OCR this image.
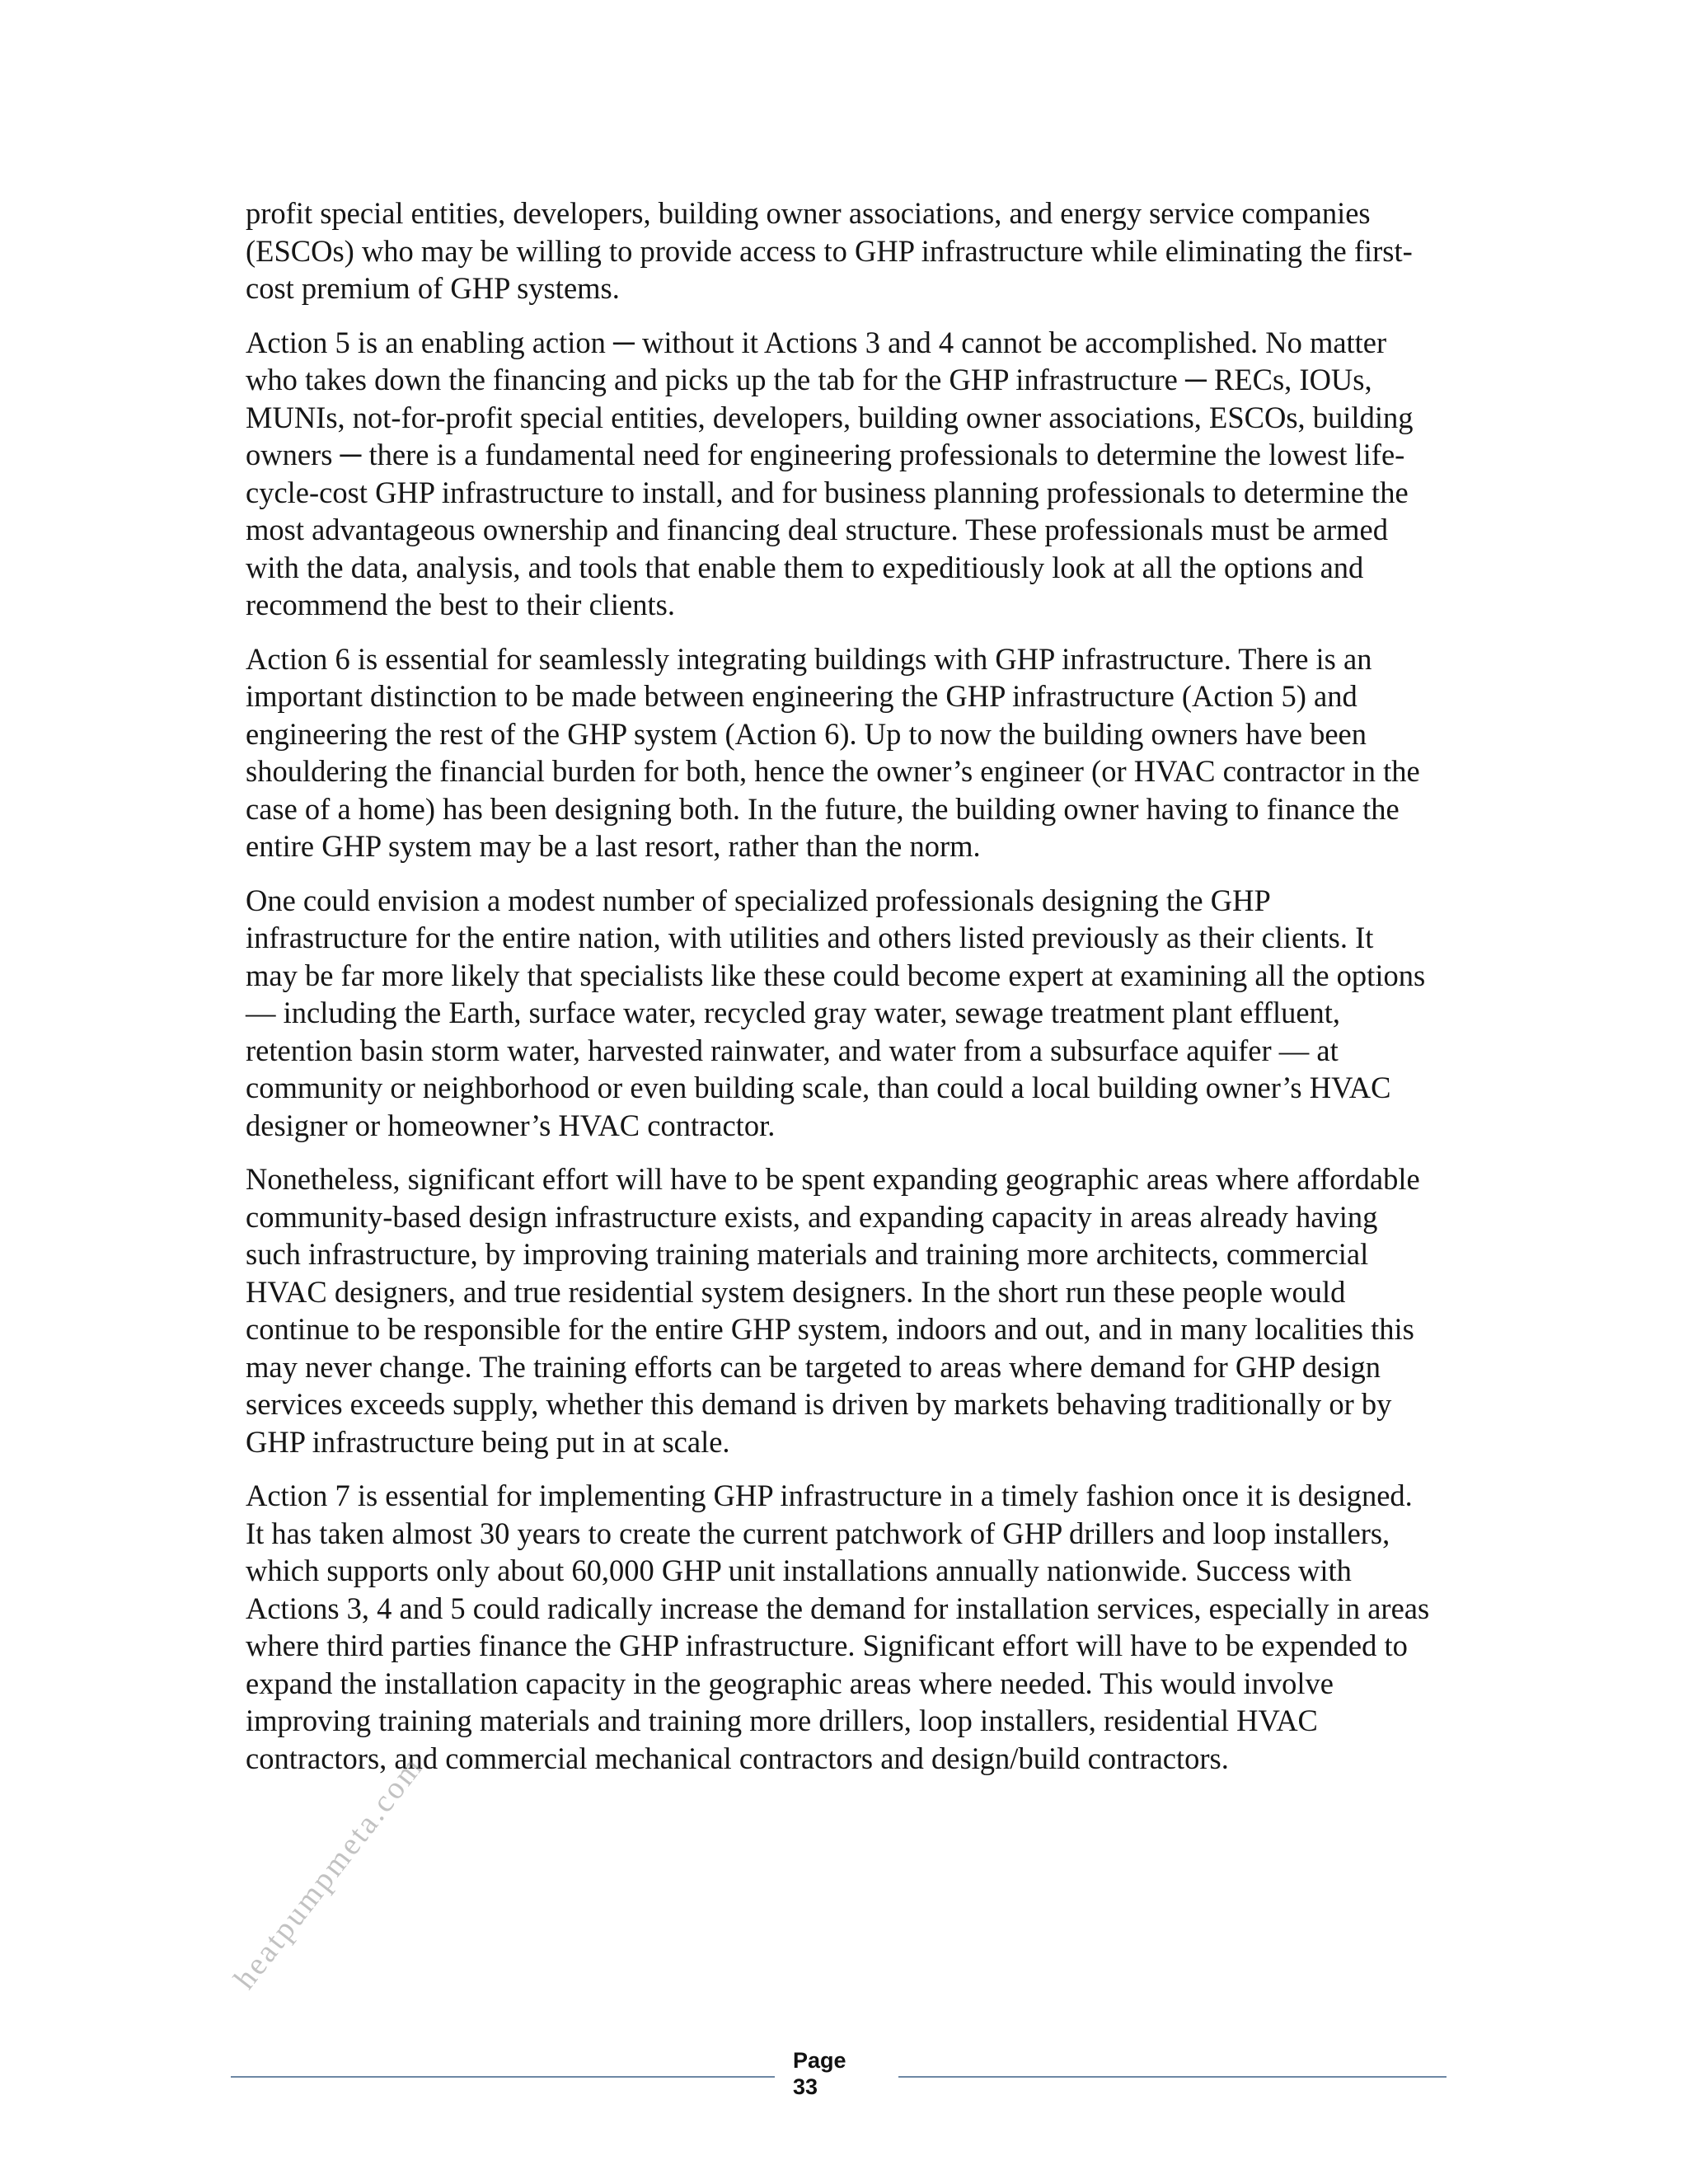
profit special entities, developers, building owner associations, and energy service companies (ESCOs) who may be willing to provide access to GHP infrastructure while eliminating the first-cost premium of GHP systems.

Action 5 is an enabling action ─ without it Actions 3 and 4 cannot be accomplished. No matter who takes down the financing and picks up the tab for the GHP infrastructure ─ RECs, IOUs, MUNIs, not-for-profit special entities, developers, building owner associations, ESCOs, building owners ─ there is a fundamental need for engineering professionals to determine the lowest life-cycle-cost GHP infrastructure to install, and for business planning professionals to determine the most advantageous ownership and financing deal structure. These professionals must be armed with the data, analysis, and tools that enable them to expeditiously look at all the options and recommend the best to their clients.

Action 6 is essential for seamlessly integrating buildings with GHP infrastructure. There is an important distinction to be made between engineering the GHP infrastructure (Action 5) and engineering the rest of the GHP system (Action 6). Up to now the building owners have been shouldering the financial burden for both, hence the owner’s engineer (or HVAC contractor in the case of a home) has been designing both. In the future, the building owner having to finance the entire GHP system may be a last resort, rather than the norm.

One could envision a modest number of specialized professionals designing the GHP infrastructure for the entire nation, with utilities and others listed previously as their clients. It may be far more likely that specialists like these could become expert at examining all the options — including the Earth, surface water, recycled gray water, sewage treatment plant effluent, retention basin storm water, harvested rainwater, and water from a subsurface aquifer — at community or neighborhood or even building scale, than could a local building owner’s HVAC designer or homeowner’s HVAC contractor.

Nonetheless, significant effort will have to be spent expanding geographic areas where affordable community-based design infrastructure exists, and expanding capacity in areas already having such infrastructure, by improving training materials and training more architects, commercial HVAC designers, and true residential system designers. In the short run these people would continue to be responsible for the entire GHP system, indoors and out, and in many localities this may never change. The training efforts can be targeted to areas where demand for GHP design services exceeds supply, whether this demand is driven by markets behaving traditionally or by GHP infrastructure being put in at scale.

Action 7 is essential for implementing GHP infrastructure in a timely fashion once it is designed. It has taken almost 30 years to create the current patchwork of GHP drillers and loop installers, which supports only about 60,000 GHP unit installations annually nationwide. Success with Actions 3, 4 and 5 could radically increase the demand for installation services, especially in areas where third parties finance the GHP infrastructure. Significant effort will have to be expended to expand the installation capacity in the geographic areas where needed. This would involve improving training materials and training more drillers, loop installers, residential HVAC contractors, and commercial mechanical contractors and design/build contractors.

Page
33
heatpumpmeta.com
